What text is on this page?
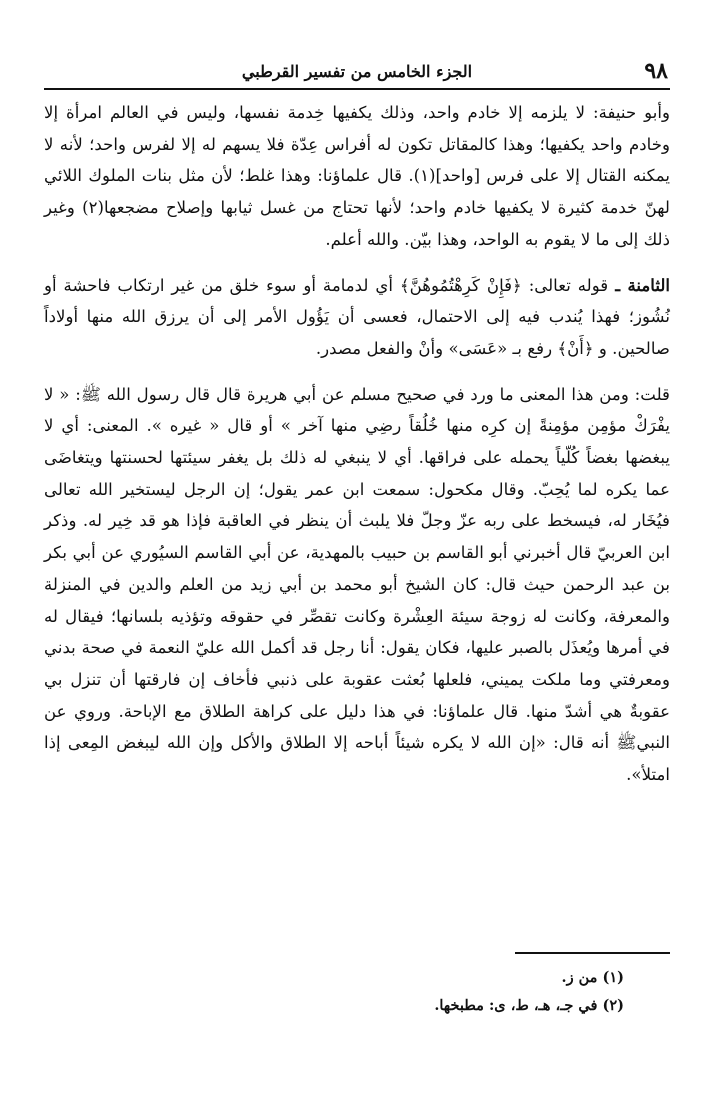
٩٨
الجزء الخامس من تفسير القرطبي

وأبو حنيفة: لا يلزمه إلا خادم واحد، وذلك يكفيها خِدمة نفسها، وليس في العالم امرأة إلا وخادم واحد يكفيها؛ وهذا كالمقاتل تكون له أفراس عِدّة فلا يسهم له إلا لفرس واحد؛ لأنه لا يمكنه القتال إلا على فرس [واحد](١). قال علماؤنا: وهذا غلط؛ لأن مثل بنات الملوك اللائي لهنّ خدمة كثيرة لا يكفيها خادم واحد؛ لأنها تحتاج من غسل ثيابها وإصلاح مضجعها(٢) وغير ذلك إلى ما لا يقوم به الواحد، وهذا بيّن. والله أعلم.

الثامنة ـ قوله تعالى: ﴿فَإِنْ كَرِهْتُمُوهُنَّ﴾ أي لدمامة أو سوء خلق من غير ارتكاب فاحشة أو نُشُوز؛ فهذا يُندب فيه إلى الاحتمال، فعسى أن يَؤُول الأمر إلى أن يرزق الله منها أولاداً صالحين. و ﴿أَنْ﴾ رفع بـ «عَسَى» وأنْ والفعل مصدر.

قلت: ومن هذا المعنى ما ورد في صحيح مسلم عن أبي هريرة قال قال رسول الله ﷺ: « لا يفْرَكْ مؤمِن مؤمِنةً إن كرِه منها خُلُقاً رضِي منها آخر » أو قال « غيره ». المعنى: أي لا يبغضها بغضاً كُلّياً يحمله على فراقها. أي لا ينبغي له ذلك بل يغفر سيئتها لحسنتها ويتغاضَى عما يكره لما يُحِبّ. وقال مكحول: سمعت ابن عمر يقول؛ إن الرجل ليستخير الله تعالى فيُخَار له، فيسخط على ربه عزّ وجلّ فلا يلبث أن ينظر في العاقبة فإذا هو قد خِير له. وذكر ابن العربيّ قال أخبرني أبو القاسم بن حبيب بالمهدية، عن أبي القاسم السيُوري عن أبي بكر بن عبد الرحمن حيث قال: كان الشيخ أبو محمد بن أبي زيد من العلم والدين في المنزلة والمعرفة، وكانت له زوجة سيئة العِشْرة وكانت تقصِّر في حقوقه وتؤذيه بلسانها؛ فيقال له في أمرها ويُعذَل بالصبر عليها، فكان يقول: أنا رجل قد أكمل الله عليّ النعمة في صحة بدني ومعرفتي وما ملكت يميني، فلعلها بُعثت عقوبة على ذنبي فأخاف إن فارقتها أن تنزل بي عقوبةٌ هي أشدّ منها. قال علماؤنا: في هذا دليل على كراهة الطلاق مع الإباحة. وروي عن النبيﷺ أنه قال: «إن الله لا يكره شيئاً أباحه إلا الطلاق والأكل وإن الله ليبغض المِعى إذا امتلأ».

(١) من ز.
(٢) في جـ، هـ، ط، ى: مطبخها.
